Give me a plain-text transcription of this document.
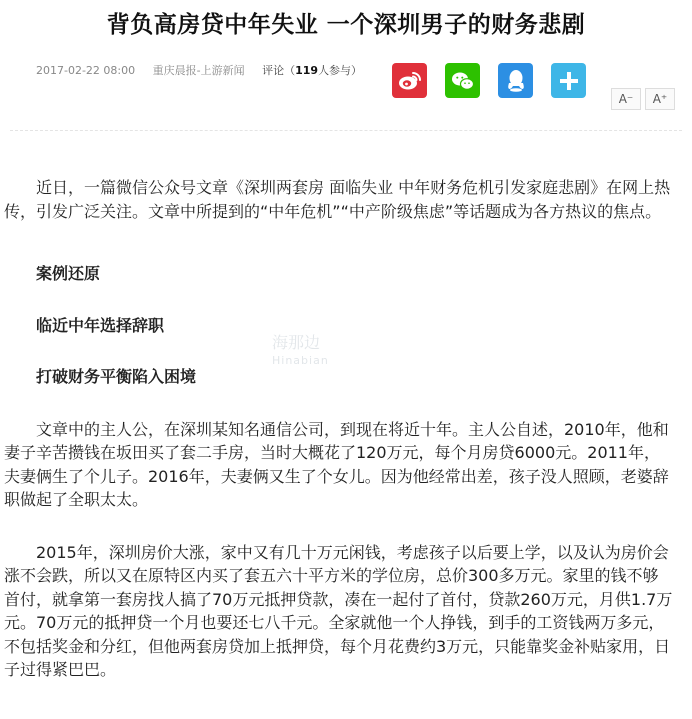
背负高房贷中年失业 一个深圳男子的财务悲剧
2017-02-22 08:00 重庆晨报-上游新闻 评论（119人参与）
A⁻	A⁺
海那边
Hinabian

近日，一篇微信公众号文章《深圳两套房 面临失业 中年财务危机引发家庭悲剧》在网上热传，引发广泛关注。文章中所提到的“中年危机”“中产阶级焦虑”等话题成为各方热议的焦点。

案例还原

临近中年选择辞职

打破财务平衡陷入困境

文章中的主人公，在深圳某知名通信公司，到现在将近十年。主人公自述，2010年，他和妻子辛苦攒钱在坂田买了套二手房，当时大概花了120万元，每个月房贷6000元。2011年，夫妻俩生了个儿子。2016年，夫妻俩又生了个女儿。因为他经常出差，孩子没人照顾，老婆辞职做起了全职太太。

2015年，深圳房价大涨，家中又有几十万元闲钱，考虑孩子以后要上学，以及认为房价会涨不会跌，所以又在原特区内买了套五六十平方米的学位房，总价300多万元。家里的钱不够首付，就拿第一套房找人搞了70万元抵押贷款，凑在一起付了首付，贷款260万元，月供1.7万元。70万元的抵押贷一个月也要还七八千元。全家就他一个人挣钱，到手的工资钱两万多元，不包括奖金和分红，但他两套房贷加上抵押贷，每个月花费约3万元，只能靠奖金补贴家用，日子过得紧巴巴。
